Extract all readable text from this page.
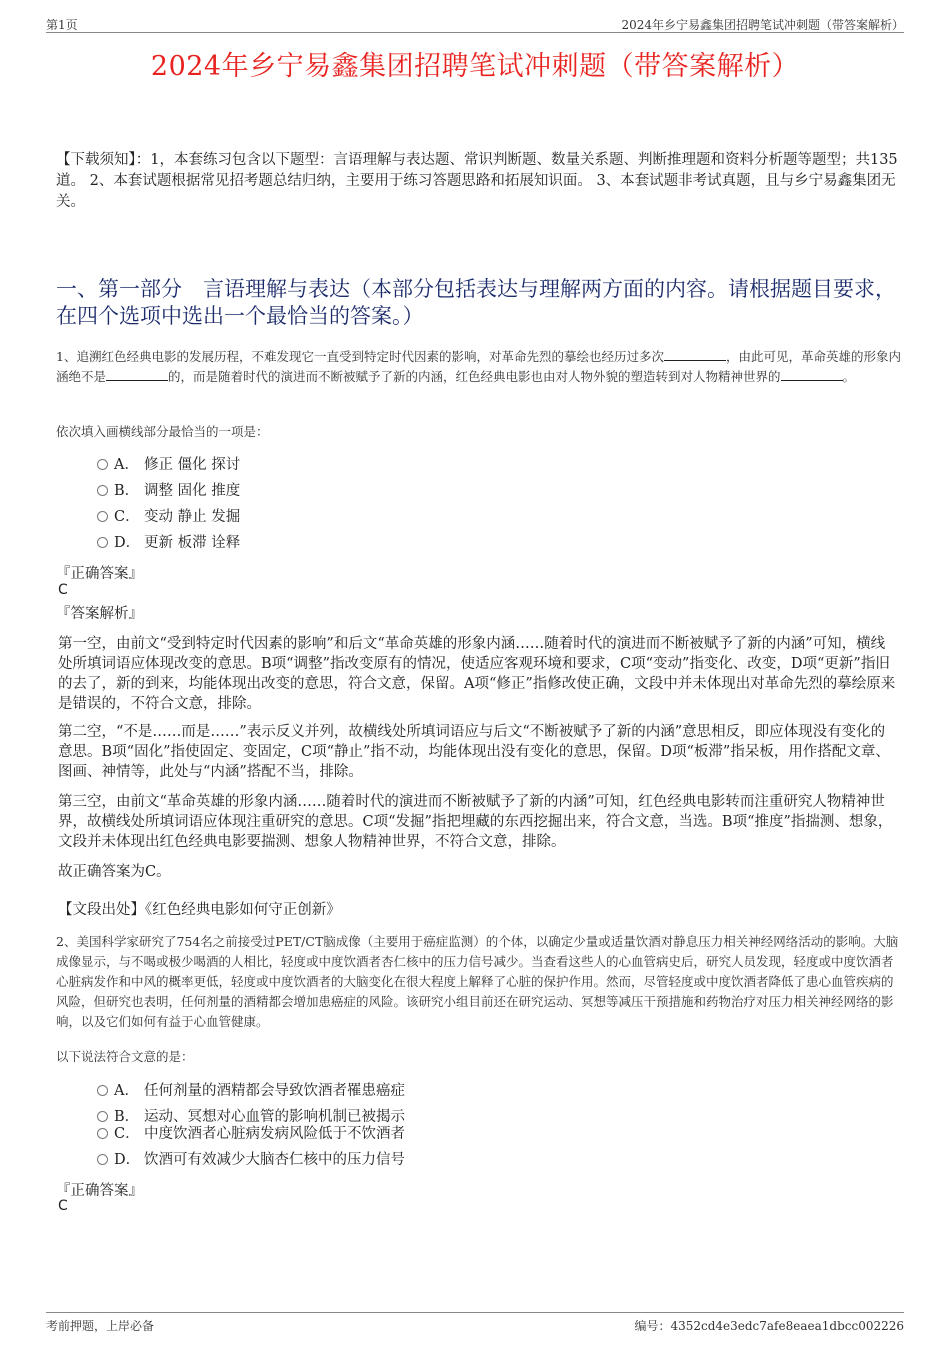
第1页	2024年乡宁易鑫集团招聘笔试冲刺题（带答案解析）
2024年乡宁易鑫集团招聘笔试冲刺题（带答案解析）
【下载须知】：1，本套练习包含以下题型：言语理解与表达题、常识判断题、数量关系题、判断推理题和资料分析题等题型；共135道。 2、本套试题根据常见招考题总结归纳，主要用于练习答题思路和拓展知识面。 3、本套试题非考试真题，且与乡宁易鑫集团无关。
一、第一部分　言语理解与表达（本部分包括表达与理解两方面的内容。请根据题目要求，在四个选项中选出一个最恰当的答案。）
1、追溯红色经典电影的发展历程，不难发现它一直受到特定时代因素的影响，对革命先烈的摹绘也经历过多次	，由此可见，革命英雄的形象内涵绝不是	的，而是随着时代的演进而不断被赋予了新的内涵，红色经典电影也由对人物外貌的塑造转到对人物精神世界的	。
依次填入画横线部分最恰当的一项是：
A． 修正 僵化 探讨
B． 调整 固化 推度
C． 变动 静止 发掘
D． 更新 板滞 诠释
『正确答案』
C
『答案解析』
第一空，由前文“受到特定时代因素的影响”和后文“革命英雄的形象内涵……随着时代的演进而不断被赋予了新的内涵”可知，横线处所填词语应体现改变的意思。B项“调整”指改变原有的情况，使适应客观环境和要求，C项“变动”指变化、改变，D项“更新”指旧的去了，新的到来，均能体现出改变的意思，符合文意，保留。A项“修正”指修改使正确，文段中并未体现出对革命先烈的摹绘原来是错误的，不符合文意，排除。
第二空，“不是……而是……”表示反义并列，故横线处所填词语应与后文“不断被赋予了新的内涵”意思相反，即应体现没有变化的意思。B项“固化”指使固定、变固定，C项“静止”指不动，均能体现出没有变化的意思，保留。D项“板滞”指呆板，用作搭配文章、图画、神情等，此处与“内涵”搭配不当，排除。
第三空，由前文“革命英雄的形象内涵……随着时代的演进而不断被赋予了新的内涵”可知，红色经典电影转而注重研究人物精神世界，故横线处所填词语应体现注重研究的意思。C项“发掘”指把埋藏的东西挖掘出来，符合文意，当选。B项“推度”指揣测、想象，文段并未体现出红色经典电影要揣测、想象人物精神世界，不符合文意，排除。
故正确答案为C。
【文段出处】《红色经典电影如何守正创新》
2、美国科学家研究了754名之前接受过PET/CT脑成像（主要用于癌症监测）的个体，以确定少量或适量饮酒对静息压力相关神经网络活动的影响。大脑成像显示，与不喝或极少喝酒的人相比，轻度或中度饮酒者杏仁核中的压力信号减少。当查看这些人的心血管病史后，研究人员发现，轻度或中度饮酒者心脏病发作和中风的概率更低，轻度或中度饮酒者的大脑变化在很大程度上解释了心脏的保护作用。然而，尽管轻度或中度饮酒者降低了患心血管疾病的风险，但研究也表明，任何剂量的酒精都会增加患癌症的风险。该研究小组目前还在研究运动、冥想等减压干预措施和药物治疗对压力相关神经网络的影响，以及它们如何有益于心血管健康。
以下说法符合文意的是：
A． 任何剂量的酒精都会导致饮酒者罹患癌症
B． 运动、冥想对心血管的影响机制已被揭示
C． 中度饮酒者心脏病发病风险低于不饮酒者
D． 饮酒可有效减少大脑杏仁核中的压力信号
『正确答案』
C
考前押题，上岸必备	编号：4352cd4e3edc7afe8eaea1dbcc002226
